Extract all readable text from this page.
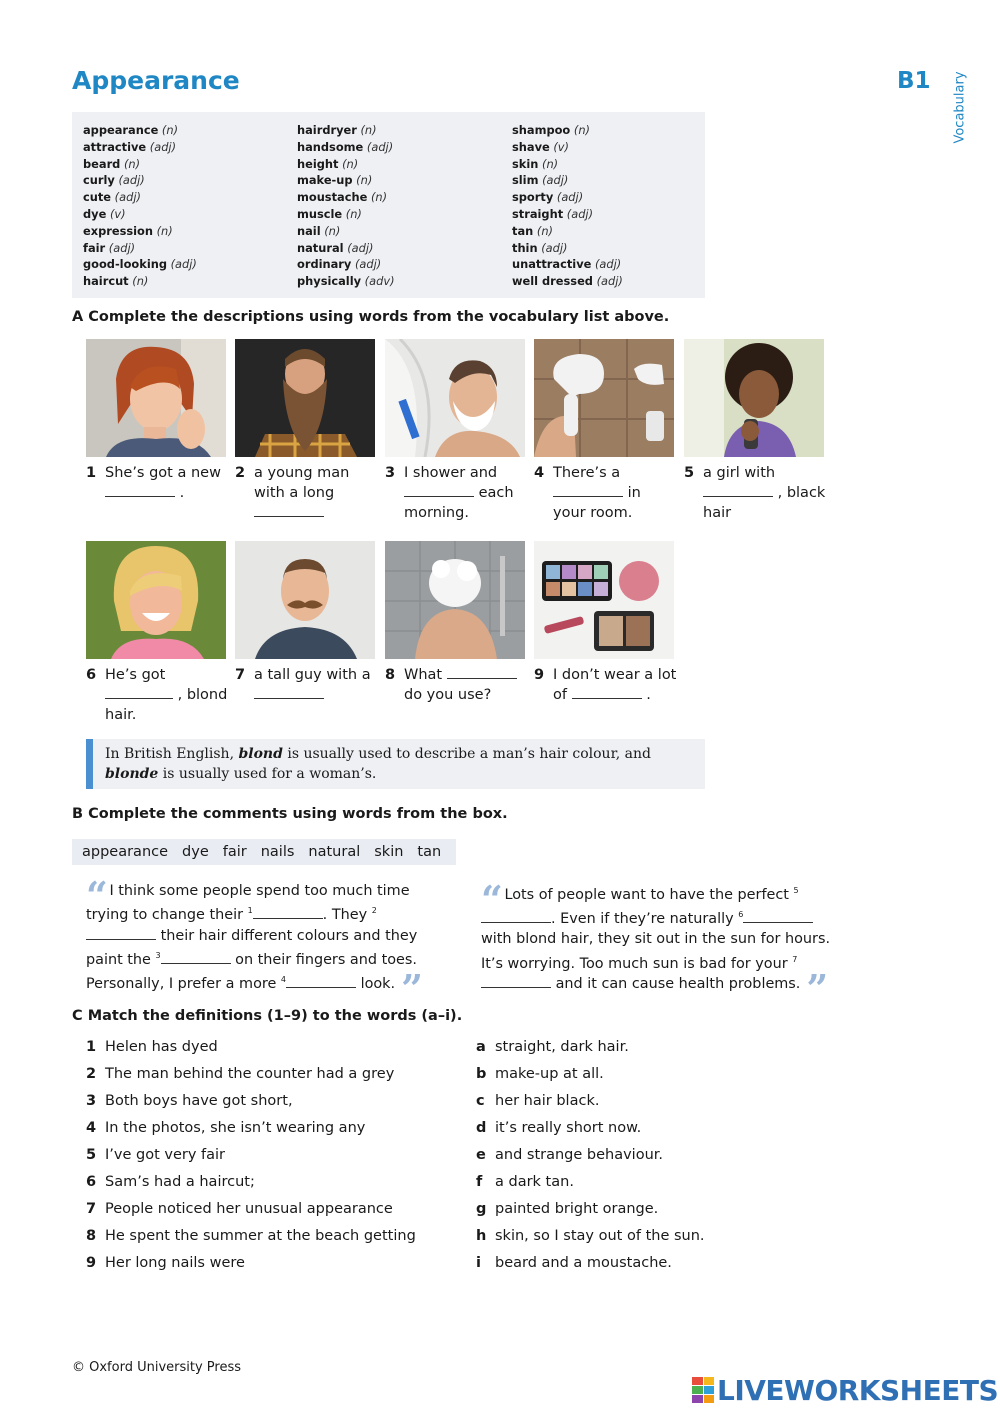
Appearance	B1 Vocabulary
appearance (n)
attractive (adj)
beard (n)
curly (adj)
cute (adj)
dye (v)
expression (n)
fair (adj)
good-looking (adj)
haircut (n)
hairdryer (n)
handsome (adj)
height (n)
make-up (n)
moustache (n)
muscle (n)
nail (n)
natural (adj)
ordinary (adj)
physically (adv)
shampoo (n)
shave (v)
skin (n)
slim (adj)
sporty (adj)
straight (adj)
tan (n)
thin (adj)
unattractive (adj)
well dressed (adj)
A Complete the descriptions using words from the vocabulary list above.
1 She’s got a new
.
2 a young man with a long

3 I shower and
each morning.
4 There’s a
in your room.
5 a girl with
, black hair
6 He’s got
, blond hair.
7 a tall guy with a 8 What  do you use?
9 I don’t wear a lot of	.
In British English, blond is usually used to describe a man’s hair colour, and blonde is usually used for a woman’s.
B Complete the comments using words from the box.
appearance dye fair nails natural skin tan
“ I think some people spend too much time trying to change their $^1$	. They $^2$ their hair different colours and they paint the $^3$	on their fingers and toes. Personally, I prefer a more $^4$	look. ”
“ Lots of people want to have the perfect $^5$. Even if they’re naturally $^6$ with blond hair, they sit out in the sun for hours. It’s worrying. Too much sun is bad for your $^7$ and it can cause health problems. ”
C Match the definitions (1–9) to the words (a–i).
1 Helen has dyed
2 The man behind the counter had a grey
3 Both boys have got short,
4 In the photos, she isn’t wearing any
5 I’ve got very fair
6 Sam’s had a haircut;
7 People noticed her unusual appearance
8 He spent the summer at the beach getting
9 Her long nails were
a straight, dark hair.
b make-up at all.
c her hair black.
d it’s really short now.
e and strange behaviour.
f a dark tan.
g painted bright orange.
h skin, so I stay out of the sun.
i beard and a moustache.
© Oxford University Press
LIVEWORKSHEETS
